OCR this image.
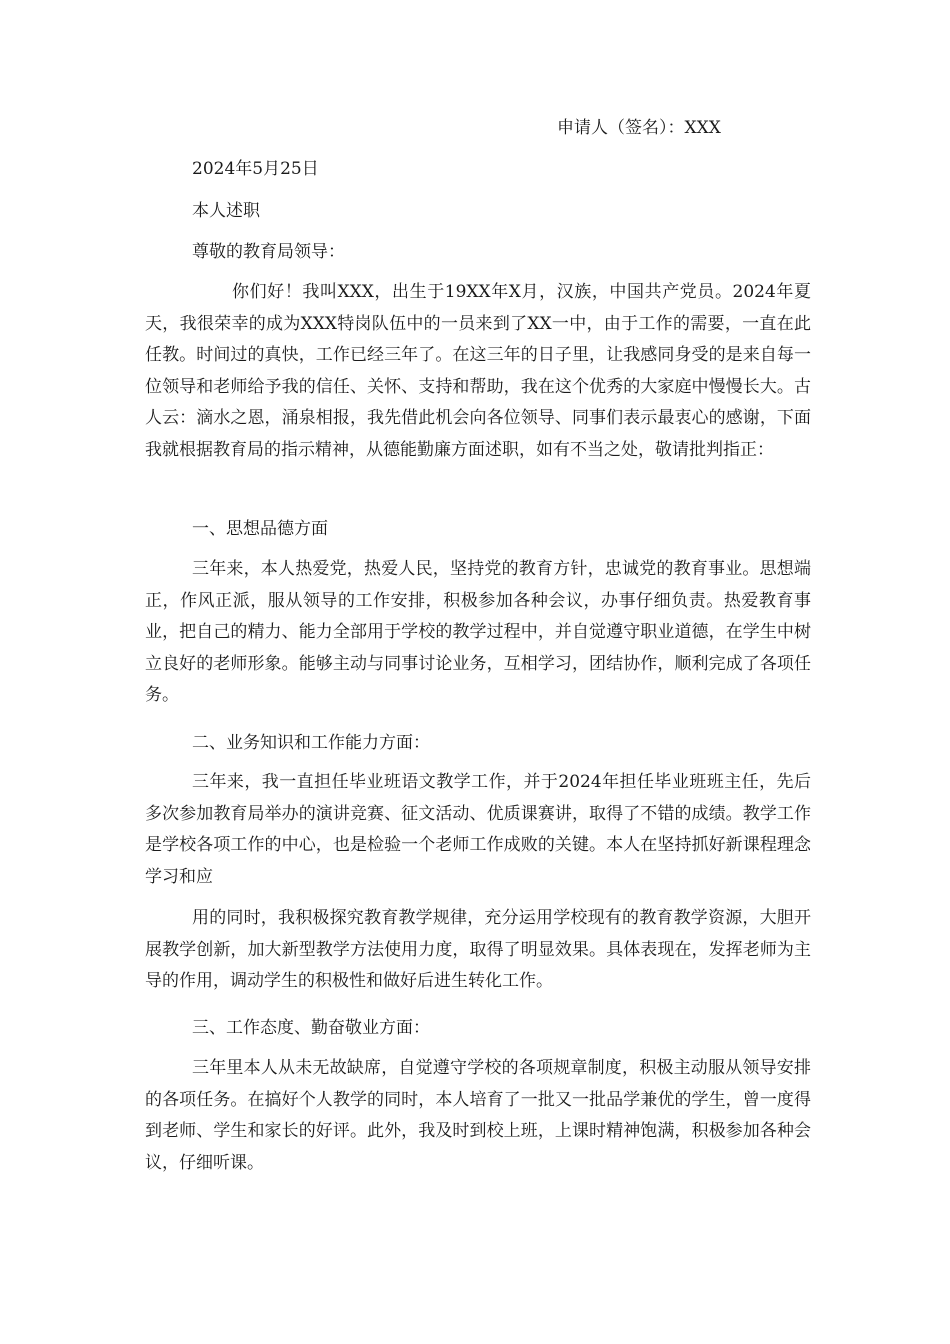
申请人（签名）：XXX
2024年5月25日
本人述职
尊敬的教育局领导：

你们好！我叫XXX，出生于19XX年X月，汉族，中国共产党员。2024年夏天，我很荣幸的成为XXX特岗队伍中的一员来到了XX一中，由于工作的需要，一直在此任教。时间过的真快，工作已经三年了。在这三年的日子里，让我感同身受的是来自每一位领导和老师给予我的信任、关怀、支持和帮助，我在这个优秀的大家庭中慢慢长大。古人云：滴水之恩，涌泉相报，我先借此机会向各位领导、同事们表示最衷心的感谢，下面我就根据教育局的指示精神，从德能勤廉方面述职，如有不当之处，敬请批判指正：

一、思想品德方面

三年来，本人热爱党，热爱人民，坚持党的教育方针，忠诚党的教育事业。思想端正，作风正派，服从领导的工作安排，积极参加各种会议，办事仔细负责。热爱教育事业，把自己的精力、能力全部用于学校的教学过程中，并自觉遵守职业道德，在学生中树立良好的老师形象。能够主动与同事讨论业务，互相学习，团结协作，顺利完成了各项任务。

二、业务知识和工作能力方面：

三年来，我一直担任毕业班语文教学工作，并于2024年担任毕业班班主任，先后多次参加教育局举办的演讲竞赛、征文活动、优质课赛讲，取得了不错的成绩。教学工作是学校各项工作的中心，也是检验一个老师工作成败的关键。本人在坚持抓好新课程理念学习和应

用的同时，我积极探究教育教学规律，充分运用学校现有的教育教学资源，大胆开展教学创新，加大新型教学方法使用力度，取得了明显效果。具体表现在，发挥老师为主导的作用，调动学生的积极性和做好后进生转化工作。

三、工作态度、勤奋敬业方面：

三年里本人从未无故缺席，自觉遵守学校的各项规章制度，积极主动服从领导安排的各项任务。在搞好个人教学的同时，本人培育了一批又一批品学兼优的学生，曾一度得到老师、学生和家长的好评。此外，我及时到校上班，上课时精神饱满，积极参加各种会议，仔细听课。
